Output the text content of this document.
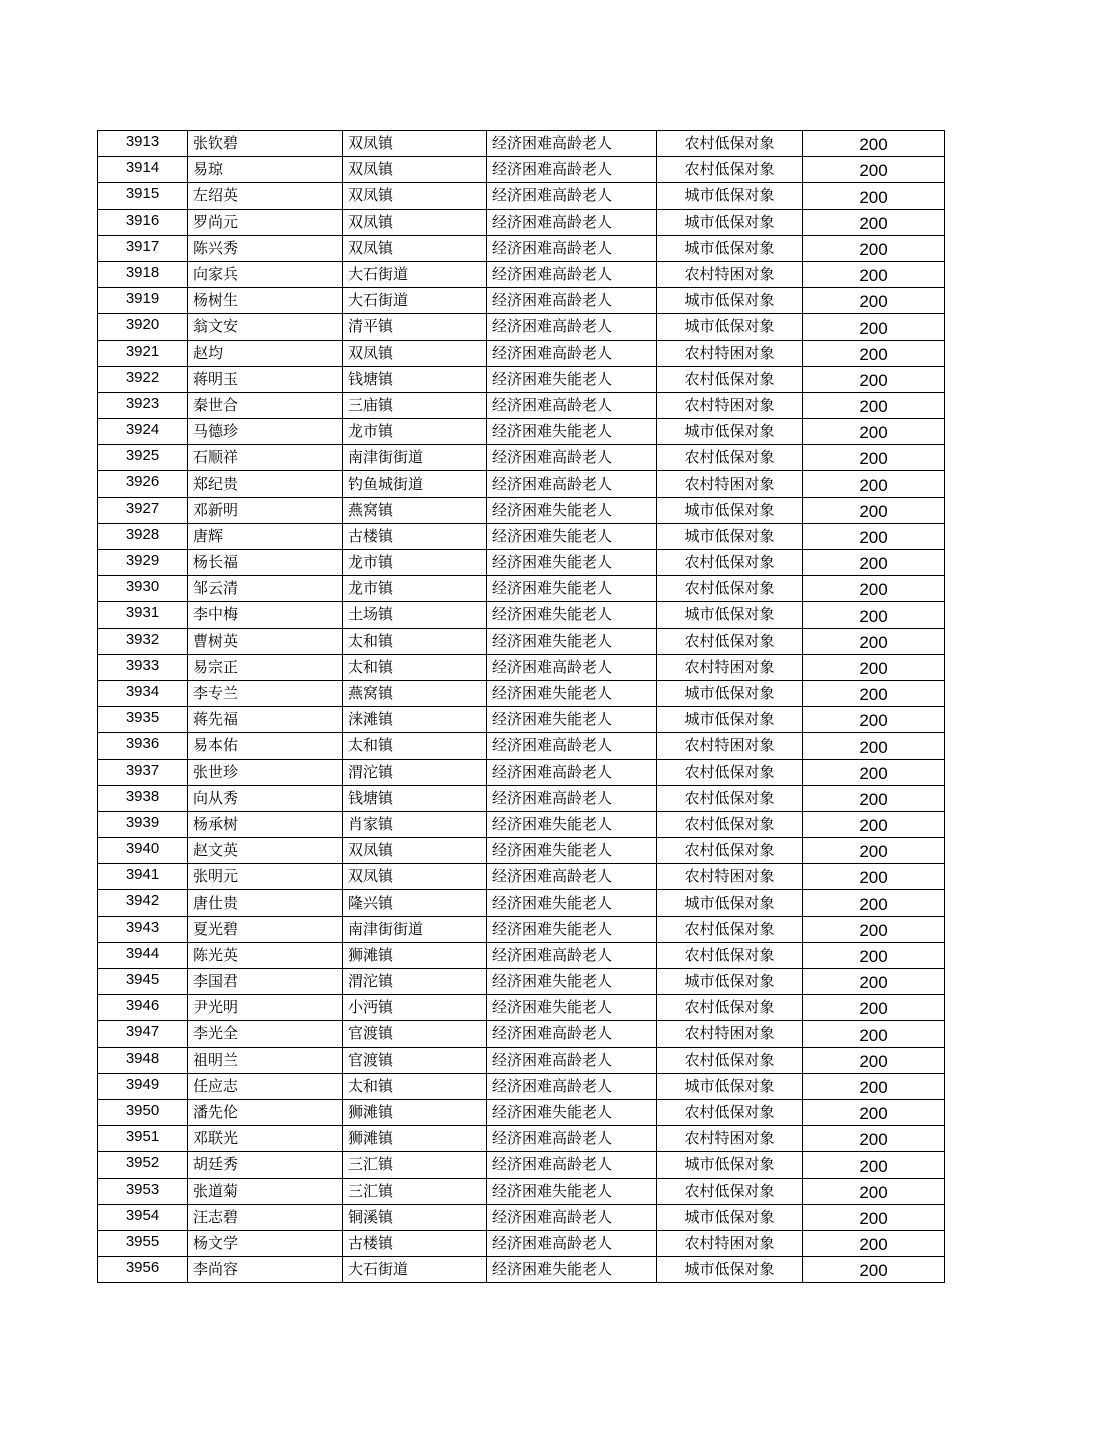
3913	张钦碧	双凤镇	经济困难高龄老人	农村低保对象	200
3914	易琼	双凤镇	经济困难高龄老人	农村低保对象	200
3915	左绍英	双凤镇	经济困难高龄老人	城市低保对象	200
3916	罗尚元	双凤镇	经济困难高龄老人	城市低保对象	200
3917	陈兴秀	双凤镇	经济困难高龄老人	城市低保对象	200
3918	向家兵	大石街道	经济困难高龄老人	农村特困对象	200
3919	杨树生	大石街道	经济困难高龄老人	城市低保对象	200
3920	翁文安	清平镇	经济困难高龄老人	城市低保对象	200
3921	赵均	双凤镇	经济困难高龄老人	农村特困对象	200
3922	蒋明玉	钱塘镇	经济困难失能老人	农村低保对象	200
3923	秦世合	三庙镇	经济困难高龄老人	农村特困对象	200
3924	马德珍	龙市镇	经济困难失能老人	城市低保对象	200
3925	石顺祥	南津街街道	经济困难高龄老人	农村低保对象	200
3926	郑纪贵	钓鱼城街道	经济困难高龄老人	农村特困对象	200
3927	邓新明	燕窝镇	经济困难失能老人	城市低保对象	200
3928	唐辉	古楼镇	经济困难失能老人	城市低保对象	200
3929	杨长福	龙市镇	经济困难失能老人	农村低保对象	200
3930	邹云清	龙市镇	经济困难失能老人	农村低保对象	200
3931	李中梅	土场镇	经济困难失能老人	城市低保对象	200
3932	曹树英	太和镇	经济困难失能老人	农村低保对象	200
3933	易宗正	太和镇	经济困难高龄老人	农村特困对象	200
3934	李专兰	燕窝镇	经济困难失能老人	城市低保对象	200
3935	蒋先福	涞滩镇	经济困难失能老人	城市低保对象	200
3936	易本佑	太和镇	经济困难高龄老人	农村特困对象	200
3937	张世珍	渭沱镇	经济困难高龄老人	农村低保对象	200
3938	向从秀	钱塘镇	经济困难高龄老人	农村低保对象	200
3939	杨承树	肖家镇	经济困难失能老人	农村低保对象	200
3940	赵文英	双凤镇	经济困难失能老人	农村低保对象	200
3941	张明元	双凤镇	经济困难高龄老人	农村特困对象	200
3942	唐仕贵	隆兴镇	经济困难失能老人	城市低保对象	200
3943	夏光碧	南津街街道	经济困难失能老人	农村低保对象	200
3944	陈光英	狮滩镇	经济困难高龄老人	农村低保对象	200
3945	李国君	渭沱镇	经济困难失能老人	城市低保对象	200
3946	尹光明	小沔镇	经济困难失能老人	农村低保对象	200
3947	李光全	官渡镇	经济困难高龄老人	农村特困对象	200
3948	祖明兰	官渡镇	经济困难高龄老人	农村低保对象	200
3949	任应志	太和镇	经济困难高龄老人	城市低保对象	200
3950	潘先伦	狮滩镇	经济困难失能老人	农村低保对象	200
3951	邓联光	狮滩镇	经济困难高龄老人	农村特困对象	200
3952	胡廷秀	三汇镇	经济困难高龄老人	城市低保对象	200
3953	张道菊	三汇镇	经济困难失能老人	农村低保对象	200
3954	汪志碧	铜溪镇	经济困难高龄老人	城市低保对象	200
3955	杨文学	古楼镇	经济困难高龄老人	农村特困对象	200
3956	李尚容	大石街道	经济困难失能老人	城市低保对象	200
